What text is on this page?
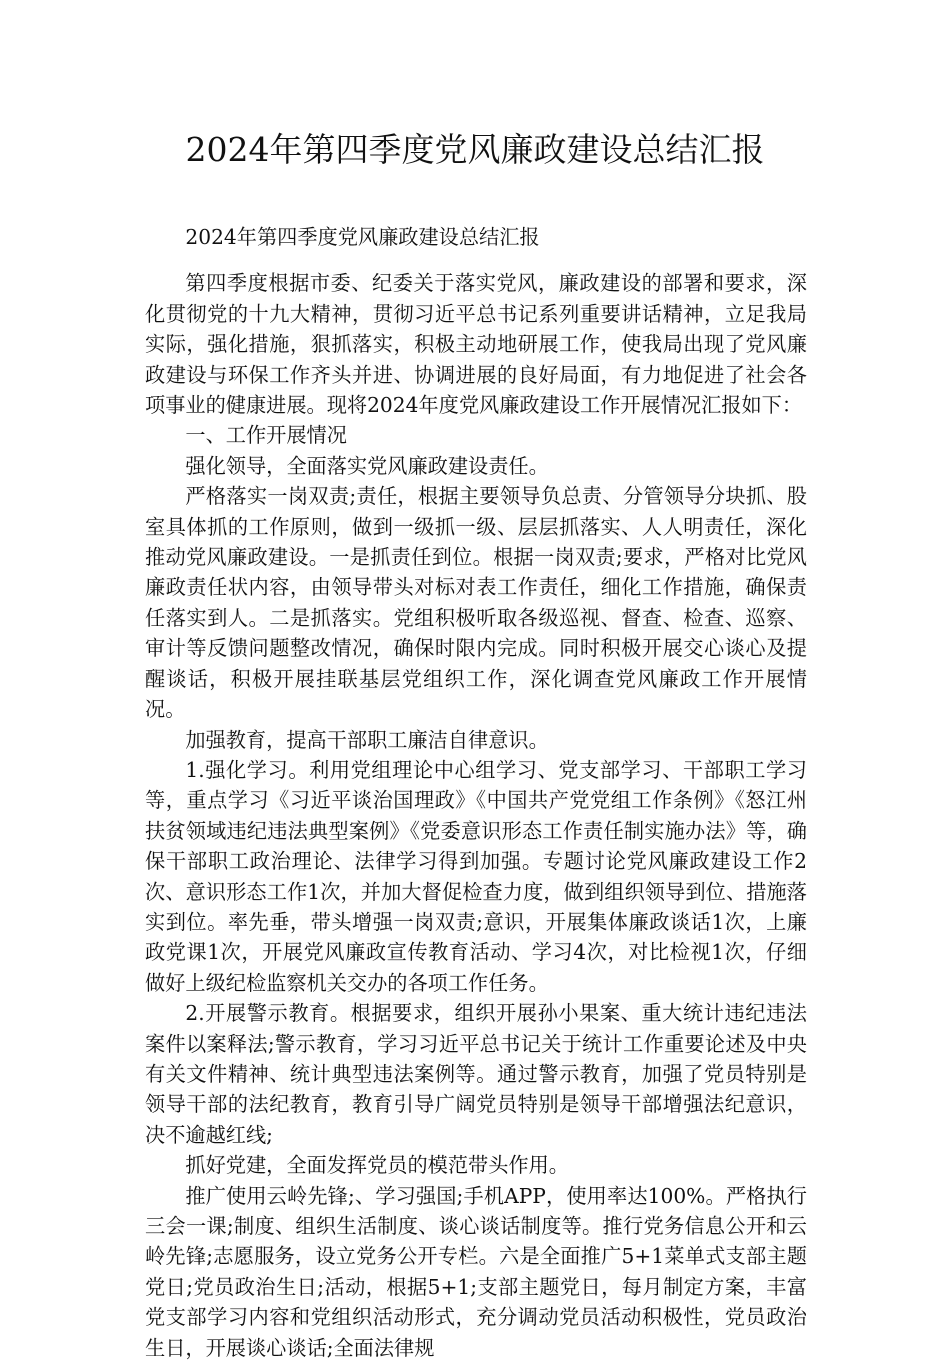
2024年第四季度党风廉政建设总结汇报

2024年第四季度党风廉政建设总结汇报

第四季度根据市委、纪委关于落实党风，廉政建设的部署和要求，深化贯彻党的十九大精神，贯彻习近平总书记系列重要讲话精神，立足我局实际，强化措施，狠抓落实，积极主动地研展工作，使我局出现了党风廉政建设与环保工作齐头并进、协调进展的良好局面，有力地促进了社会各项事业的健康进展。现将2024年度党风廉政建设工作开展情况汇报如下：

一、工作开展情况

强化领导，全面落实党风廉政建设责任。

严格落实一岗双责;责任，根据主要领导负总责、分管领导分块抓、股室具体抓的工作原则，做到一级抓一级、层层抓落实、人人明责任，深化推动党风廉政建设。一是抓责任到位。根据一岗双责;要求，严格对比党风廉政责任状内容，由领导带头对标对表工作责任，细化工作措施，确保责任落实到人。二是抓落实。党组积极听取各级巡视、督查、检查、巡察、审计等反馈问题整改情况，确保时限内完成。同时积极开展交心谈心及提醒谈话，积极开展挂联基层党组织工作，深化调查党风廉政工作开展情况。

加强教育，提高干部职工廉洁自律意识。

1.强化学习。利用党组理论中心组学习、党支部学习、干部职工学习等，重点学习《习近平谈治国理政》《中国共产党党组工作条例》《怒江州扶贫领域违纪违法典型案例》《党委意识形态工作责任制实施办法》等，确保干部职工政治理论、法律学习得到加强。专题讨论党风廉政建设工作2 次、意识形态工作1次，并加大督促检查力度，做到组织领导到位、措施落实到位。率先垂，带头增强一岗双责;意识，开展集体廉政谈话1次，上廉政党课1次，开展党风廉政宣传教育活动、学习4次，对比检视1次，仔细做好上级纪检监察机关交办的各项工作任务。

2.开展警示教育。根据要求，组织开展孙小果案、重大统计违纪违法案件以案释法;警示教育，学习习近平总书记关于统计工作重要论述及中央有关文件精神、统计典型违法案例等。通过警示教育，加强了党员特别是领导干部的法纪教育，教育引导广阔党员特别是领导干部增强法纪意识，决不逾越红线;

抓好党建，全面发挥党员的模范带头作用。

推广使用云岭先锋;、学习强国;手机APP，使用率达100%。严格执行三会一课;制度、组织生活制度、谈心谈话制度等。推行党务信息公开和云岭先锋;志愿服务，设立党务公开专栏。六是全面推广5+1菜单式支部主题党日;党员政治生日;活动，根据5+1;支部主题党日，每月制定方案，丰富党支部学习内容和党组织活动形式，充分调动党员活动积极性，党员政治生日，开展谈心谈话;全面法律规
